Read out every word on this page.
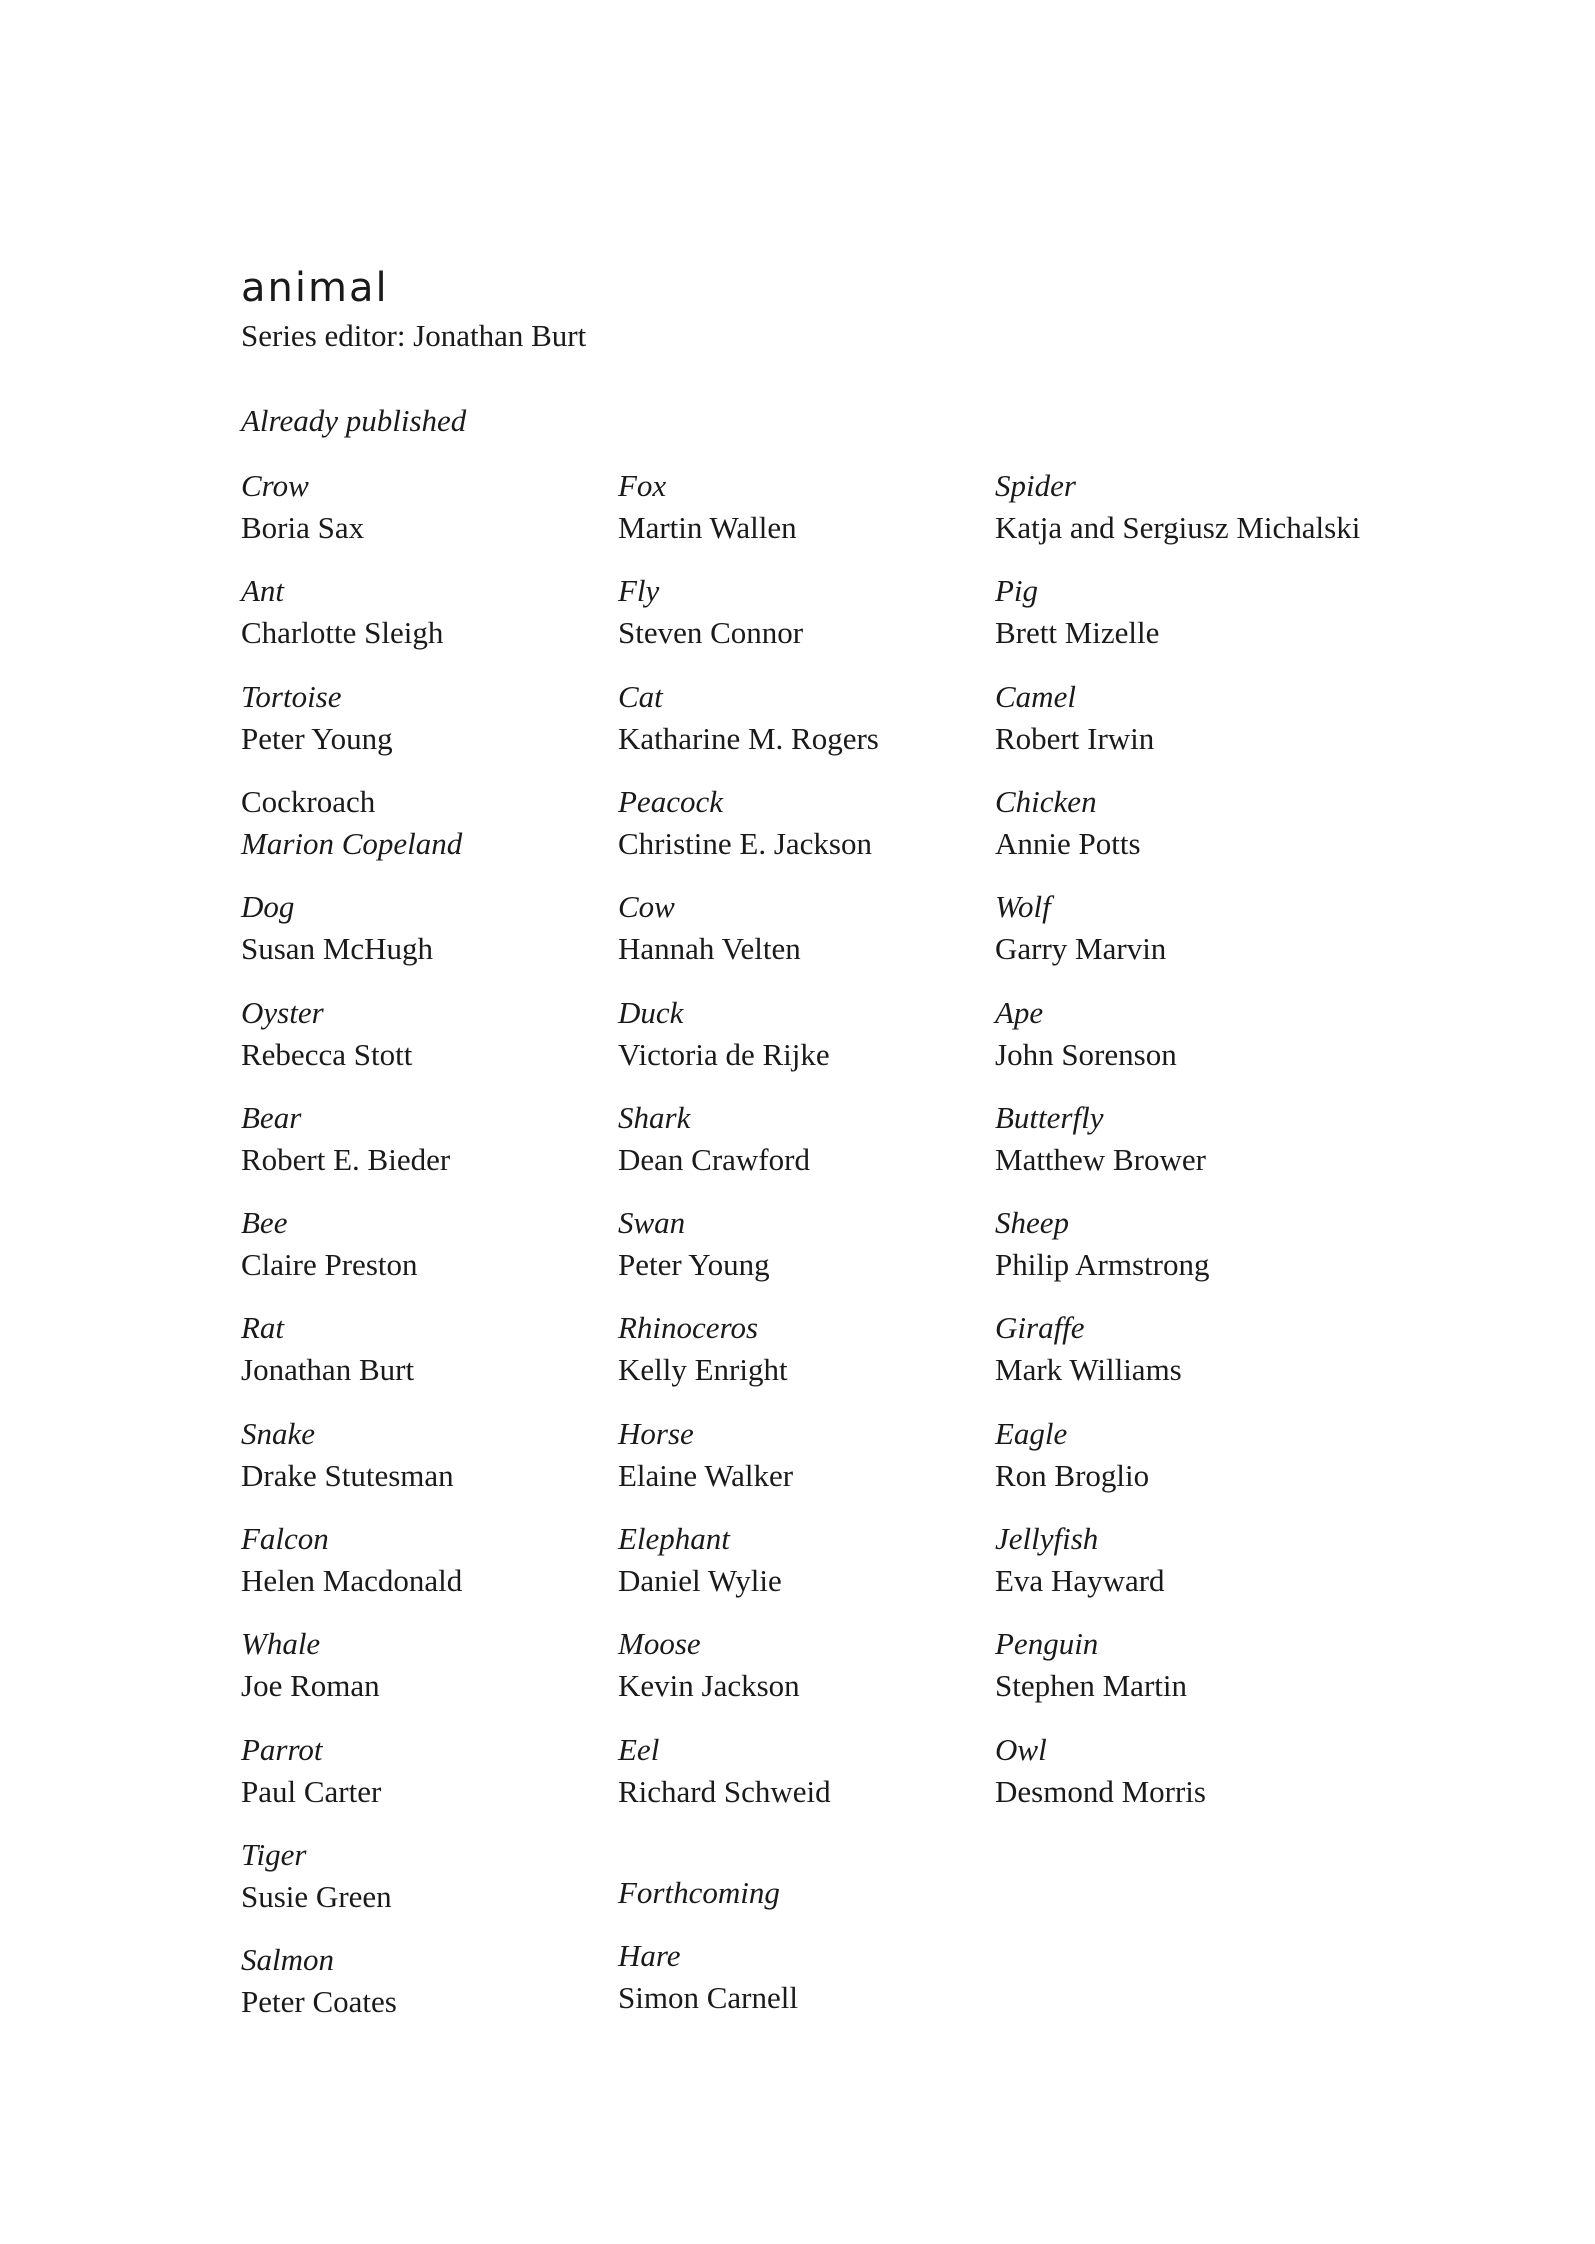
animal
Series editor: Jonathan Burt
Already published
Crow
Boria Sax
Ant
Charlotte Sleigh
Tortoise
Peter Young
Cockroach
Marion Copeland
Dog
Susan McHugh
Oyster
Rebecca Stott
Bear
Robert E. Bieder
Bee
Claire Preston
Rat
Jonathan Burt
Snake
Drake Stutesman
Falcon
Helen Macdonald
Whale
Joe Roman
Parrot
Paul Carter
Tiger
Susie Green
Salmon
Peter Coates
Fox
Martin Wallen
Fly
Steven Connor
Cat
Katharine M. Rogers
Peacock
Christine E. Jackson
Cow
Hannah Velten
Duck
Victoria de Rijke
Shark
Dean Crawford
Swan
Peter Young
Rhinoceros
Kelly Enright
Horse
Elaine Walker
Elephant
Daniel Wylie
Moose
Kevin Jackson
Eel
Richard Schweid
Spider
Katja and Sergiusz Michalski
Pig
Brett Mizelle
Camel
Robert Irwin
Chicken
Annie Potts
Wolf
Garry Marvin
Ape
John Sorenson
Butterfly
Matthew Brower
Sheep
Philip Armstrong
Giraffe
Mark Williams
Eagle
Ron Broglio
Jellyfish
Eva Hayward
Penguin
Stephen Martin
Owl
Desmond Morris
Forthcoming
Hare
Simon Carnell
